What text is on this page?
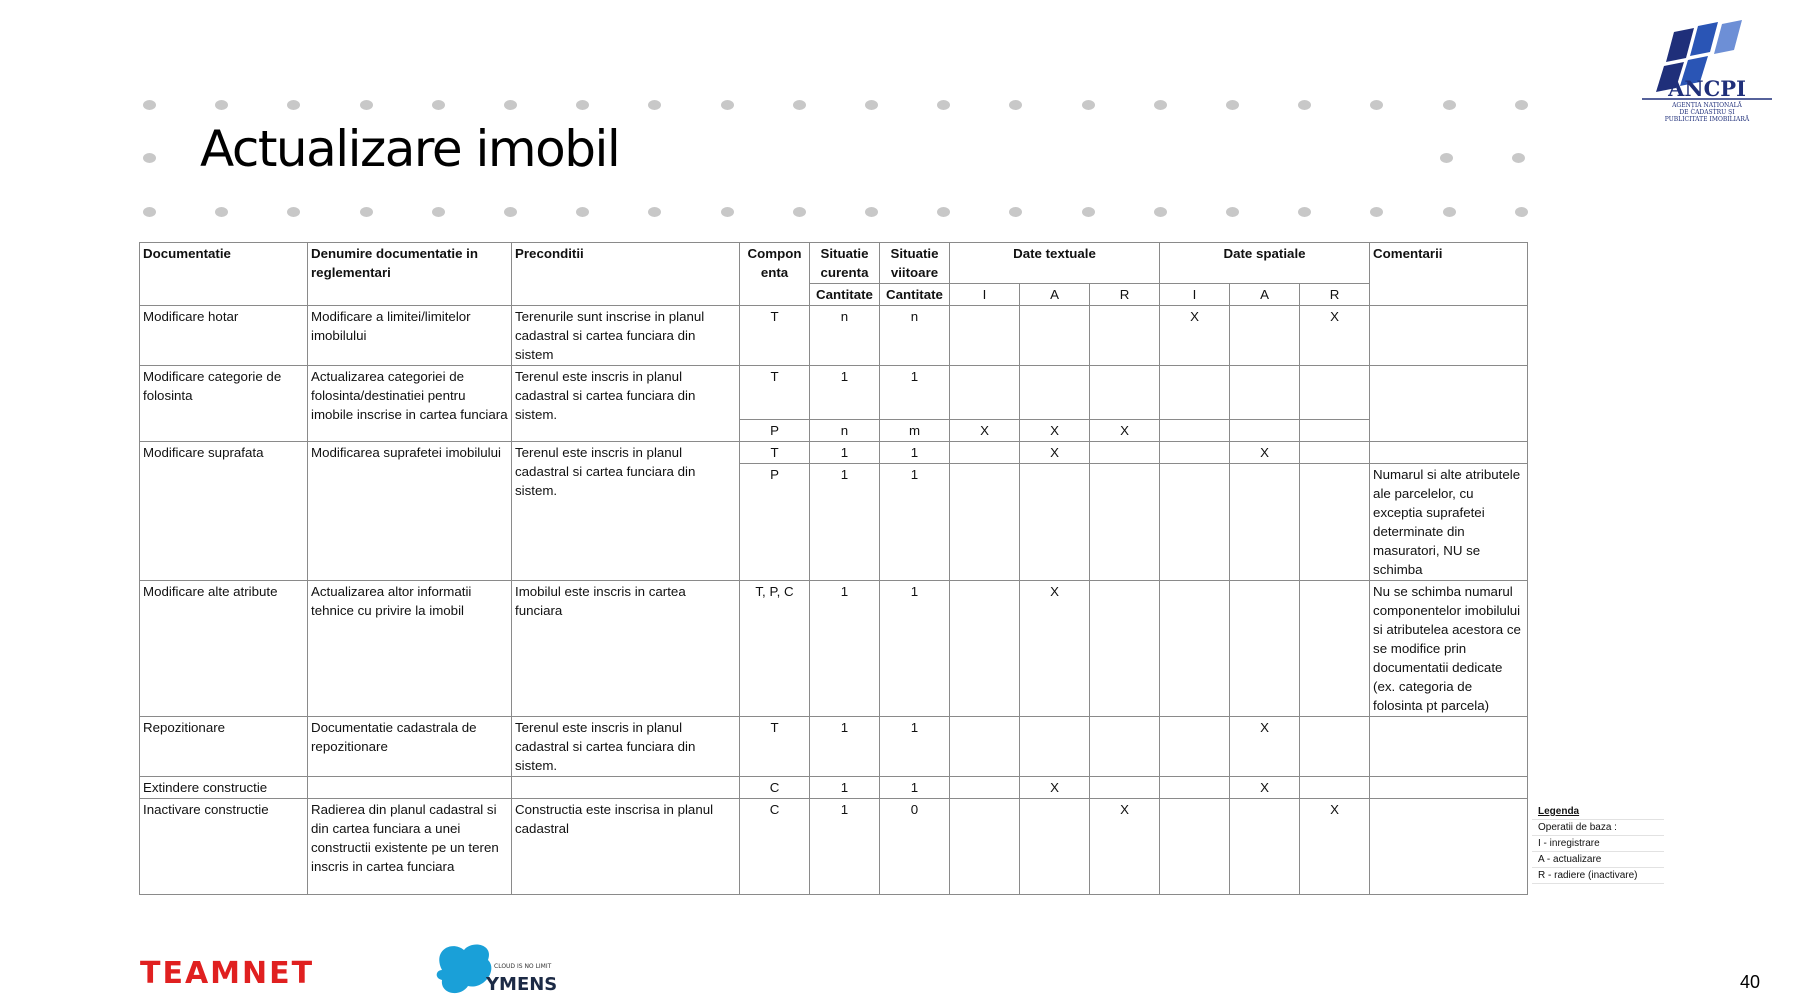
Actualizare imobil
ANCPI
AGENȚIA NAȚIONALĂ
DE CADASTRU ȘI
PUBLICITATE IMOBILIARĂ
Documentatie	Denumire documentatie in reglementari	Preconditii	Compon enta	Situatie curenta	Situatie viitoare	Date textuale			Date spatiale			Comentarii
				Cantitate	Cantitate	I	A	R	I	A	R	
Modificare hotar	Modificare a limitei/limitelor imobilului	Terenurile sunt inscrise in planul cadastral si cartea funciara din sistem	T	n	n				X		X	
Modificare categorie de folosinta	Actualizarea categoriei de folosinta/destinatiei pentru imobile inscrise in cartea funciara	Terenul este inscris in planul cadastral si cartea funciara din sistem.	T	1	1							
			P	n	m	X	X	X				
Modificare suprafata	Modificarea suprafetei imobilului	Terenul este inscris in planul cadastral si cartea funciara din sistem.	T	1	1		X			X		
			P	1	1							Numarul si alte atributele ale parcelelor, cu exceptia suprafetei determinate din masuratori, NU se schimba
Modificare alte atribute	Actualizarea altor informatii tehnice cu privire la imobil	Imobilul este inscris in cartea funciara	T, P, C	1	1		X					Nu se schimba numarul componentelor imobilului si atributelea acestora ce se modifice prin documentatii dedicate (ex. categoria de folosinta pt parcela)
Repozitionare	Documentatie cadastrala de repozitionare	Terenul este inscris in planul cadastral si cartea funciara din sistem.	T	1	1					X		
Extindere constructie			C	1	1		X			X		
Inactivare constructie	Radierea din planul cadastral si din cartea funciara a unei constructii existente pe un teren inscris in cartea funciara	Constructia este inscrisa in planul cadastral	C	1	0			X			X		Legenda
Operatii de baza :
I - inregistrare
A - actualizare
R - radiere (inactivare)
TEAMNET	CLOUD IS NO LIMIT
YMENS	40
